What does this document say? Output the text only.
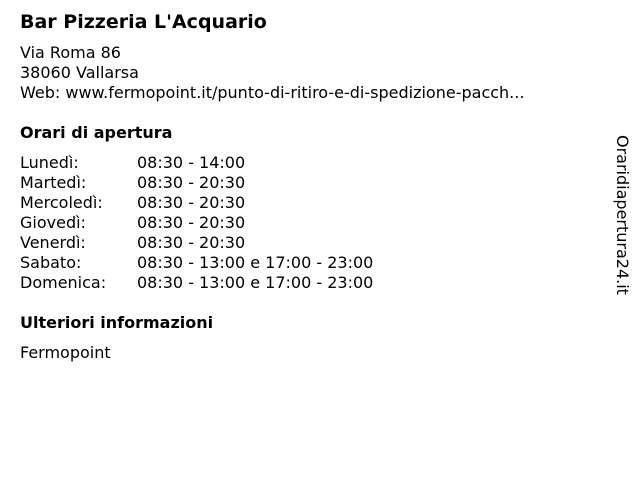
Bar Pizzeria L'Acquario
Via Roma 86
38060 Vallarsa
Web: www.fermopoint.it/punto-di-ritiro-e-di-spedizione-pacch...
Orari di apertura
Lunedì:	08:30 - 14:00
Martedì:	08:30 - 20:30
Mercoledì:	08:30 - 20:30
Giovedì:	08:30 - 20:30
Venerdì:	08:30 - 20:30
Sabato:	08:30 - 13:00 e 17:00 - 23:00
Domenica:	08:30 - 13:00 e 17:00 - 23:00
Ulteriori informazioni
Fermopoint
Oraridiapertura24.it
